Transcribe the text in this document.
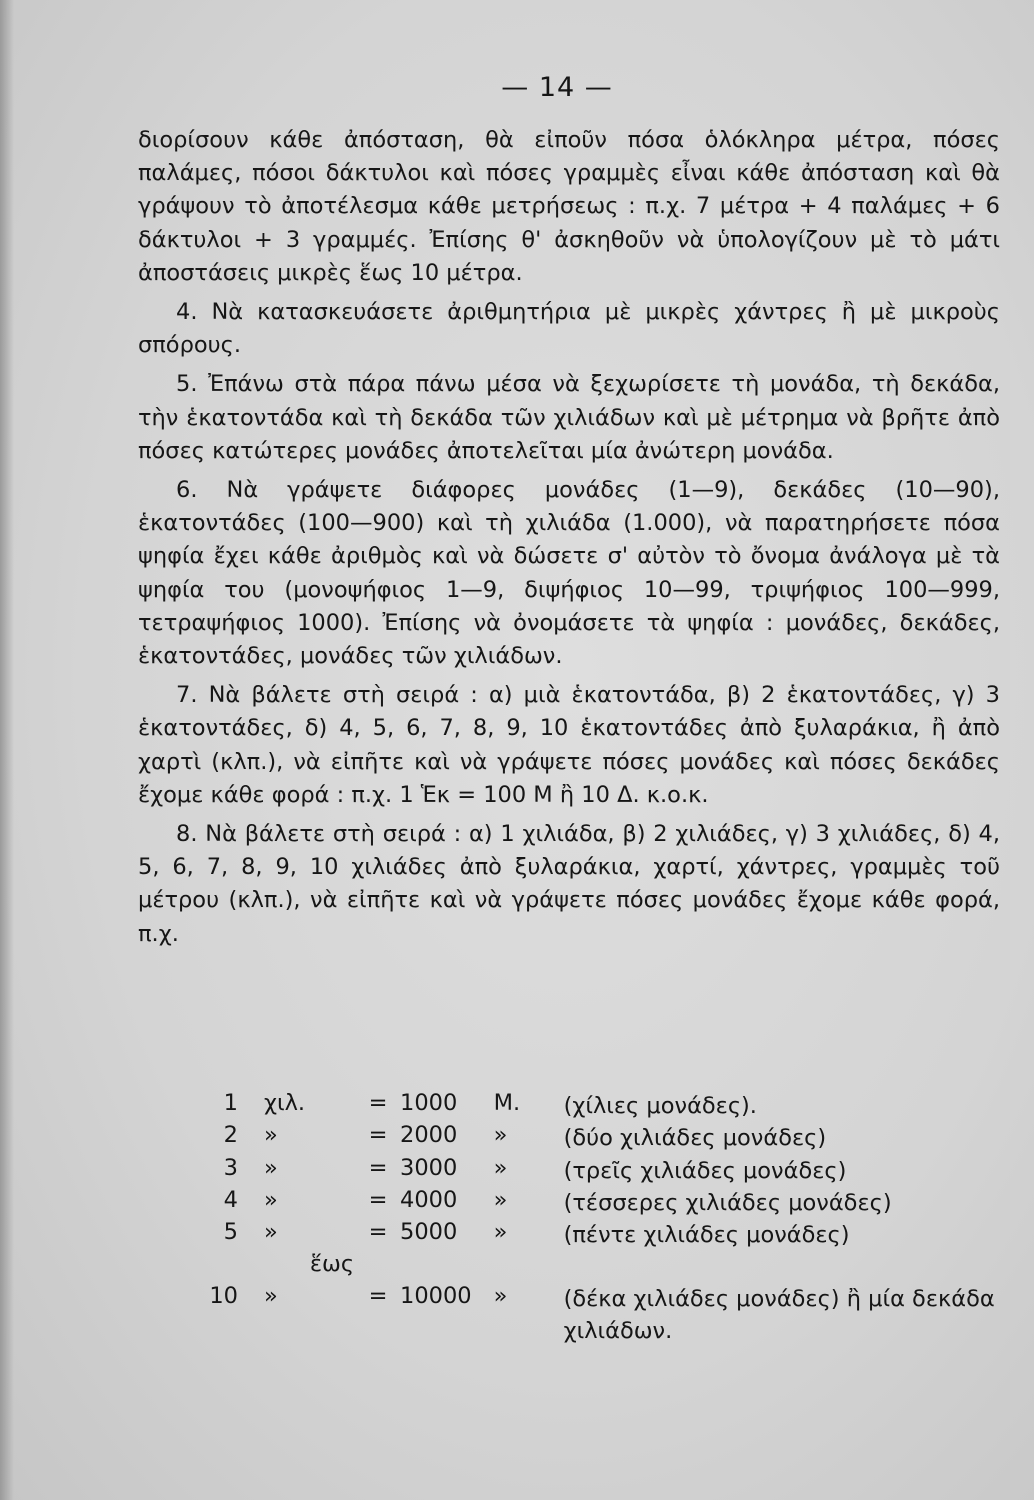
— 14 —

διορίσουν κάθε ἀπόσταση, θὰ εἰποῦν πόσα ὁλόκληρα μέτρα, πόσες παλάμες, πόσοι δάκτυλοι καὶ πόσες γραμμὲς εἶναι κάθε ἀπόσταση καὶ θὰ γράψουν τὸ ἀποτέλεσμα κάθε μετρήσεως : π.χ. 7 μέτρα + 4 παλάμες + 6 δάκτυλοι + 3 γραμμές. Ἐπίσης θ' ἀσκηθοῦν νὰ ὑπολογίζουν μὲ τὸ μάτι ἀποστάσεις μικρὲς ἕως 10 μέτρα.

4. Νὰ κατασκευάσετε ἀριθμητήρια μὲ μικρὲς χάντρες ἢ μὲ μικροὺς σπόρους.

5. Ἐπάνω στὰ πάρα πάνω μέσα νὰ ξεχωρίσετε τὴ μονάδα, τὴ δεκάδα, τὴν ἑκατοντάδα καὶ τὴ δεκάδα τῶν χιλιάδων καὶ μὲ μέτρημα νὰ βρῆτε ἀπὸ πόσες κατώτερες μονάδες ἀποτελεῖται μία ἀνώτερη μονάδα.

6. Νὰ γράψετε διάφορες μονάδες (1—9), δεκάδες (10—90), ἑκατοντάδες (100—900) καὶ τὴ χιλιάδα (1.000), νὰ παρατηρήσετε πόσα ψηφία ἔχει κάθε ἀριθμὸς καὶ νὰ δώσετε σ' αὐτὸν τὸ ὄνομα ἀνάλογα μὲ τὰ ψηφία του (μονοψήφιος 1—9, διψήφιος 10—99, τριψήφιος 100—999, τετραψήφιος 1000). Ἐπίσης νὰ ὀνομάσετε τὰ ψηφία : μονάδες, δεκάδες, ἑκατοντάδες, μονάδες τῶν χιλιάδων.

7. Νὰ βάλετε στὴ σειρά : α) μιὰ ἑκατοντάδα, β) 2 ἑκατοντάδες, γ) 3 ἑκατοντάδες, δ) 4, 5, 6, 7, 8, 9, 10 ἑκατοντάδες ἀπὸ ξυλαράκια, ἢ ἀπὸ χαρτὶ (κλπ.), νὰ εἰπῆτε καὶ νὰ γράψετε πόσες μονάδες καὶ πόσες δεκάδες ἔχομε κάθε φορά : π.χ. 1 Ἑκ = 100 Μ ἢ 10 Δ. κ.ο.κ.

8. Νὰ βάλετε στὴ σειρά : α) 1 χιλιάδα, β) 2 χιλιάδες, γ) 3 χιλιάδες, δ) 4, 5, 6, 7, 8, 9, 10 χιλιάδες ἀπὸ ξυλαράκια, χαρτί, χάντρες, γραμμὲς τοῦ μέτρου (κλπ.), νὰ εἰπῆτε καὶ νὰ γράψετε πόσες μονάδες ἔχομε κάθε φορά, π.χ.

1	χιλ.	=	1000	Μ.	(χίλιες μονάδες).
2	»	=	2000	»	(δύο χιλιάδες μονάδες)
3	»	=	3000	»	(τρεῖς χιλιάδες μονάδες)
4	»	=	4000	»	(τέσσερες χιλιάδες μονάδες)
5	»	=	5000	»	(πέντε χιλιάδες μονάδες)
	ἕως				
10	»	=	10000	»	(δέκα χιλιάδες μονάδες) ἢ μία δεκάδα χιλιάδων.
